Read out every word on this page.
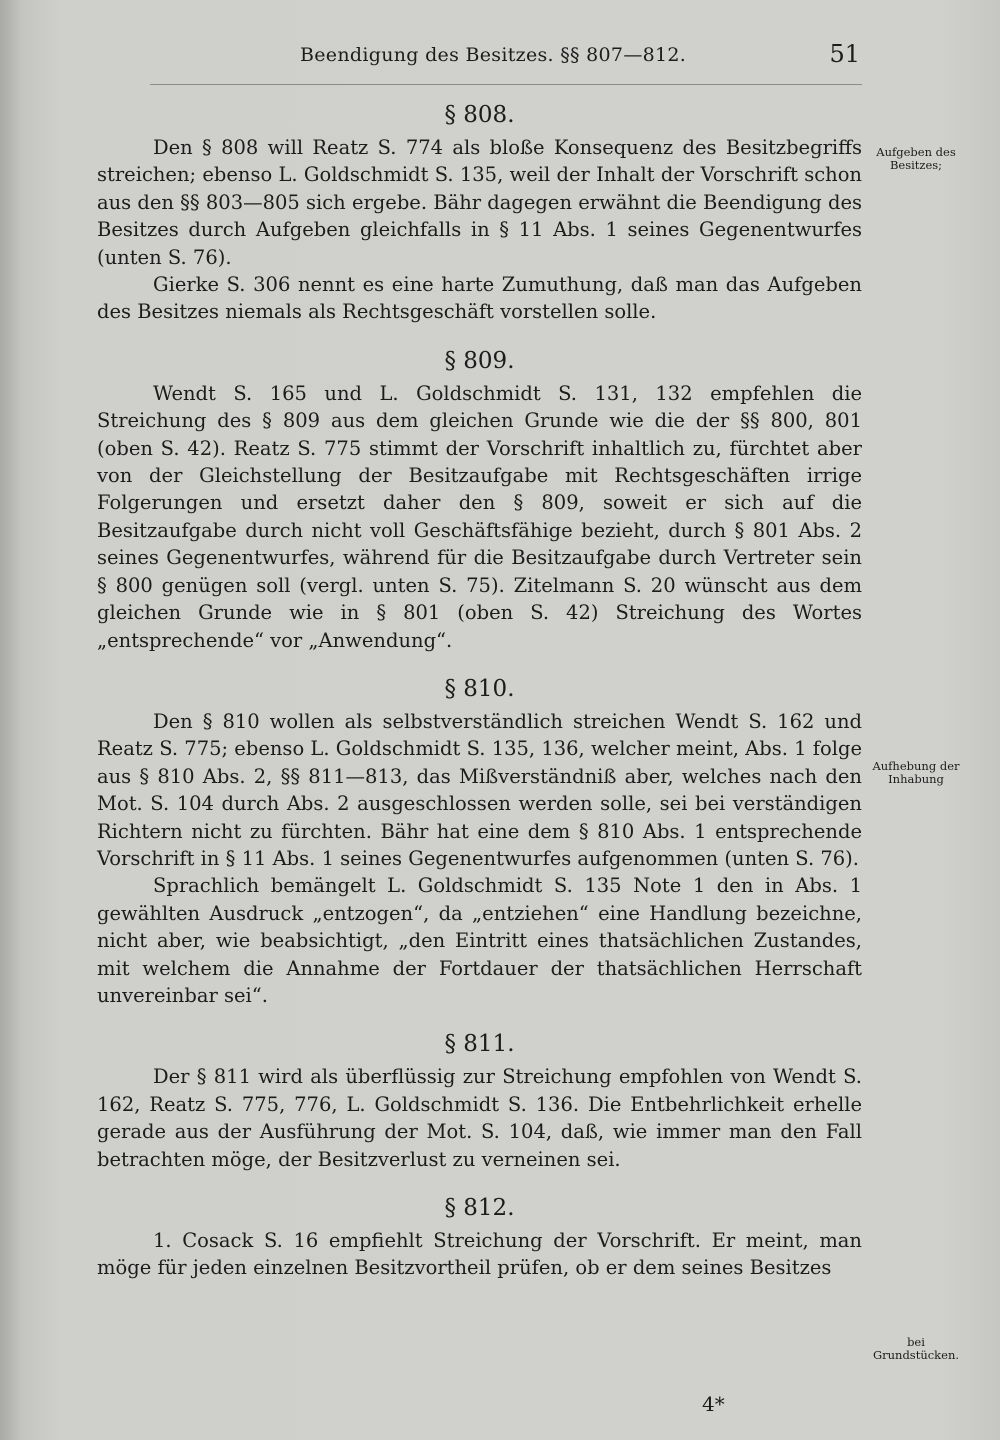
Beendigung des Besitzes. §§ 807—812.	51
§ 808.

Den § 808 will Reatz S. 774 als bloße Konsequenz des Besitzbegriffs streichen; ebenso L. Goldschmidt S. 135, weil der Inhalt der Vorschrift schon aus den §§ 803—805 sich ergebe. Bähr dagegen erwähnt die Beendigung des Besitzes durch Aufgeben gleichfalls in § 11 Abs. 1 seines Gegenentwurfes (unten S. 76).

Gierke S. 306 nennt es eine harte Zumuthung, daß man das Aufgeben des Besitzes niemals als Rechtsgeschäft vorstellen solle.

§ 809.

Wendt S. 165 und L. Goldschmidt S. 131, 132 empfehlen die Streichung des § 809 aus dem gleichen Grunde wie die der §§ 800, 801 (oben S. 42). Reatz S. 775 stimmt der Vorschrift inhaltlich zu, fürchtet aber von der Gleichstellung der Besitzaufgabe mit Rechtsgeschäften irrige Folgerungen und ersetzt daher den § 809, soweit er sich auf die Besitzaufgabe durch nicht voll Geschäftsfähige bezieht, durch § 801 Abs. 2 seines Gegenentwurfes, während für die Besitzaufgabe durch Vertreter sein § 800 genügen soll (vergl. unten S. 75). Zitelmann S. 20 wünscht aus dem gleichen Grunde wie in § 801 (oben S. 42) Streichung des Wortes „entsprechende“ vor „Anwendung“.

§ 810.

Den § 810 wollen als selbstverständlich streichen Wendt S. 162 und Reatz S. 775; ebenso L. Goldschmidt S. 135, 136, welcher meint, Abs. 1 folge aus § 810 Abs. 2, §§ 811—813, das Mißverständniß aber, welches nach den Mot. S. 104 durch Abs. 2 ausgeschlossen werden solle, sei bei verständigen Richtern nicht zu fürchten. Bähr hat eine dem § 810 Abs. 1 entsprechende Vorschrift in § 11 Abs. 1 seines Gegenentwurfes aufgenommen (unten S. 76).

Sprachlich bemängelt L. Goldschmidt S. 135 Note 1 den in Abs. 1 gewählten Ausdruck „entzogen“, da „entziehen“ eine Handlung bezeichne, nicht aber, wie beabsichtigt, „den Eintritt eines thatsächlichen Zustandes, mit welchem die Annahme der Fortdauer der thatsächlichen Herrschaft unvereinbar sei“.

§ 811.

Der § 811 wird als überflüssig zur Streichung empfohlen von Wendt S. 162, Reatz S. 775, 776, L. Goldschmidt S. 136. Die Entbehrlichkeit erhelle gerade aus der Ausführung der Mot. S. 104, daß, wie immer man den Fall betrachten möge, der Besitzverlust zu verneinen sei.

§ 812.

1. Cosack S. 16 empfiehlt Streichung der Vorschrift. Er meint, man möge für jeden einzelnen Besitzvortheil prüfen, ob er dem seines Besitzes

Aufgeben des Besitzes;
Aufhebung der Inhabung
bei Grundstücken.
4*
